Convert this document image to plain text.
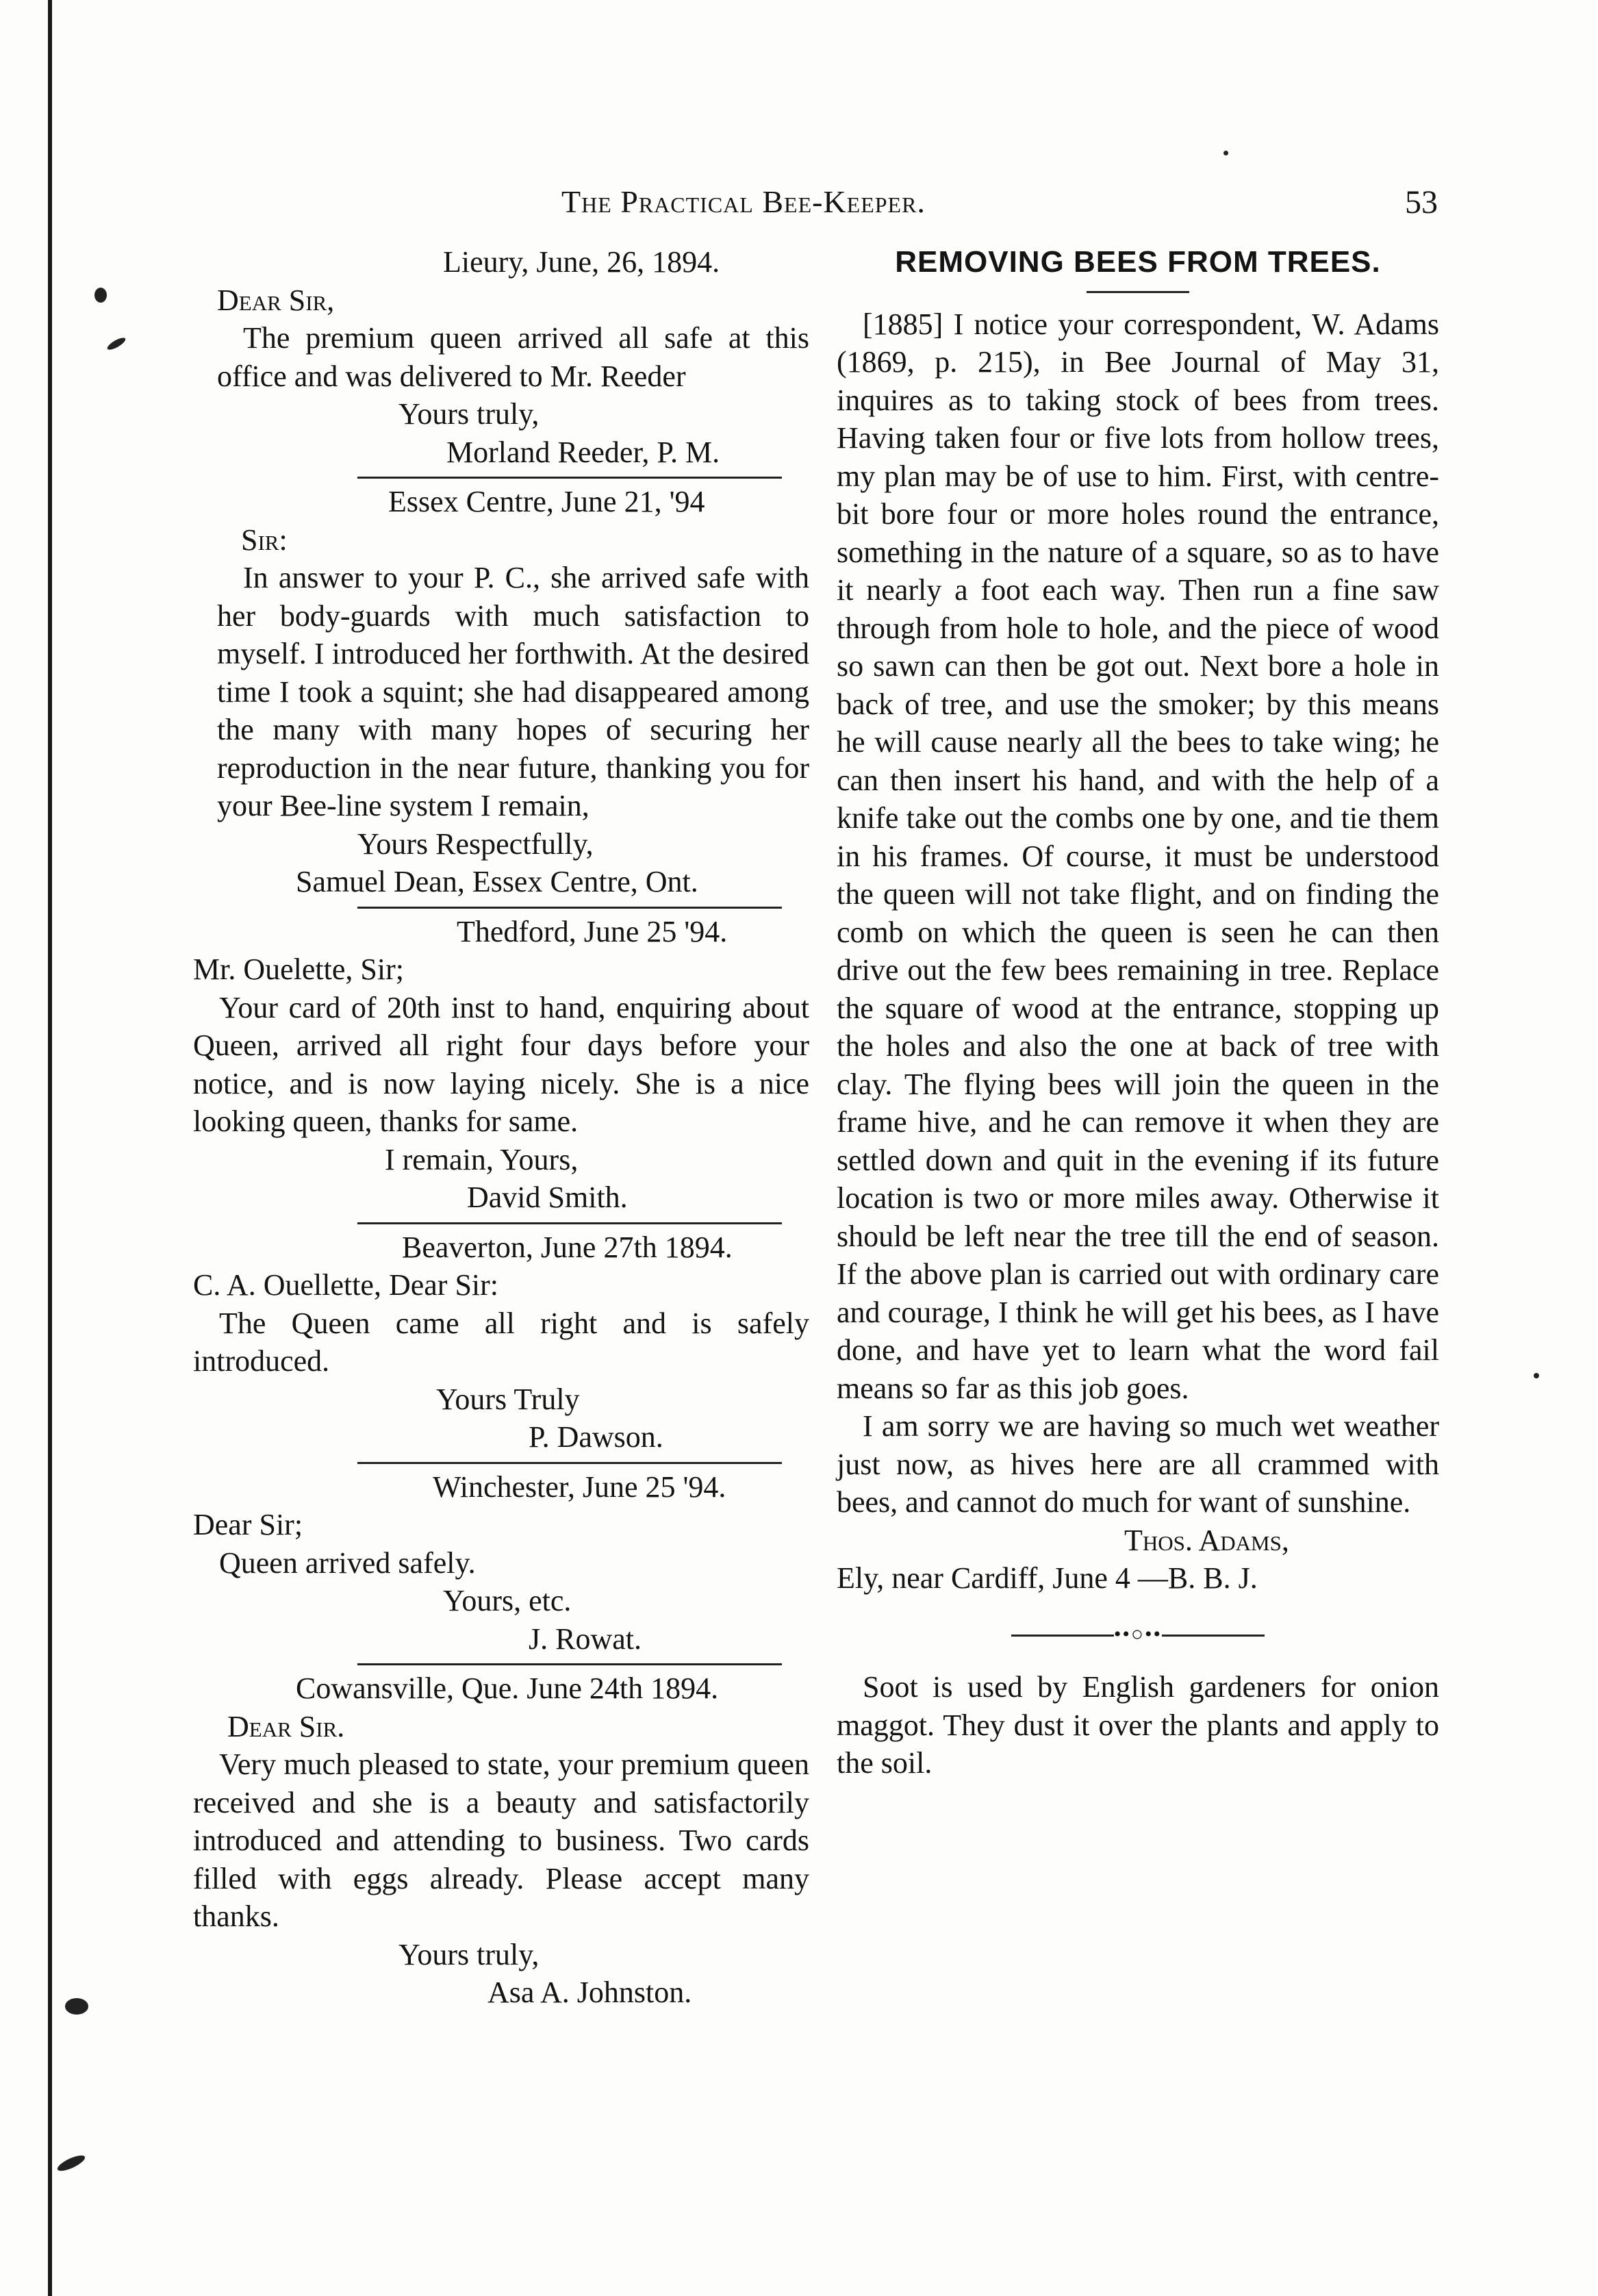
The Practical Bee-Keeper.	53

Lieury, June, 26, 1894.

Dear Sir,

The premium queen arrived all safe at this office and was delivered to Mr. Reeder

Yours truly,

Morland Reeder, P. M.

Essex Centre, June 21, '94

Sir:

In answer to your P. C., she arrived safe with her body-guards with much satisfaction to myself. I introduced her forthwith. At the desired time I took a squint; she had disappeared among the many with many hopes of securing her reproduction in the near future, thanking you for your Bee-line system I remain,

Yours Respectfully,

Samuel Dean, Essex Centre, Ont.

Thedford, June 25 '94.

Mr. Ouelette, Sir;

Your card of 20th inst to hand, enquiring about Queen, arrived all right four days before your notice, and is now laying nicely. She is a nice looking queen, thanks for same.

I remain, Yours,

David Smith.

Beaverton, June 27th 1894.

C. A. Ouellette, Dear Sir:

The Queen came all right and is safely introduced.

Yours Truly

P. Dawson.

Winchester, June 25 '94.

Dear Sir;

Queen arrived safely.

Yours, etc.

J. Rowat.

Cowansville, Que. June 24th 1894.

Dear Sir.

Very much pleased to state, your premium queen received and she is a beauty and satisfactorily introduced and attending to business. Two cards filled with eggs already. Please accept many thanks.

Yours truly,

Asa A. Johnston.

REMOVING BEES FROM TREES.

[1885] I notice your correspondent, W. Adams (1869, p. 215), in Bee Journal of May 31, inquires as to taking stock of bees from trees. Having taken four or five lots from hollow trees, my plan may be of use to him. First, with centre-bit bore four or more holes round the entrance, something in the nature of a square, so as to have it nearly a foot each way. Then run a fine saw through from hole to hole, and the piece of wood so sawn can then be got out. Next bore a hole in back of tree, and use the smoker; by this means he will cause nearly all the bees to take wing; he can then insert his hand, and with the help of a knife take out the combs one by one, and tie them in his frames. Of course, it must be understood the queen will not take flight, and on finding the comb on which the queen is seen he can then drive out the few bees remaining in tree. Replace the square of wood at the entrance, stopping up the holes and also the one at back of tree with clay. The flying bees will join the queen in the frame hive, and he can remove it when they are settled down and quit in the evening if its future location is two or more miles away. Otherwise it should be left near the tree till the end of season. If the above plan is carried out with ordinary care and courage, I think he will get his bees, as I have done, and have yet to learn what the word fail means so far as this job goes.

I am sorry we are having so much wet weather just now, as hives here are all crammed with bees, and cannot do much for want of sunshine.

Thos. Adams,

Ely, near Cardiff, June 4 —B. B. J.

••○••

Soot is used by English gardeners for onion maggot. They dust it over the plants and apply to the soil.
